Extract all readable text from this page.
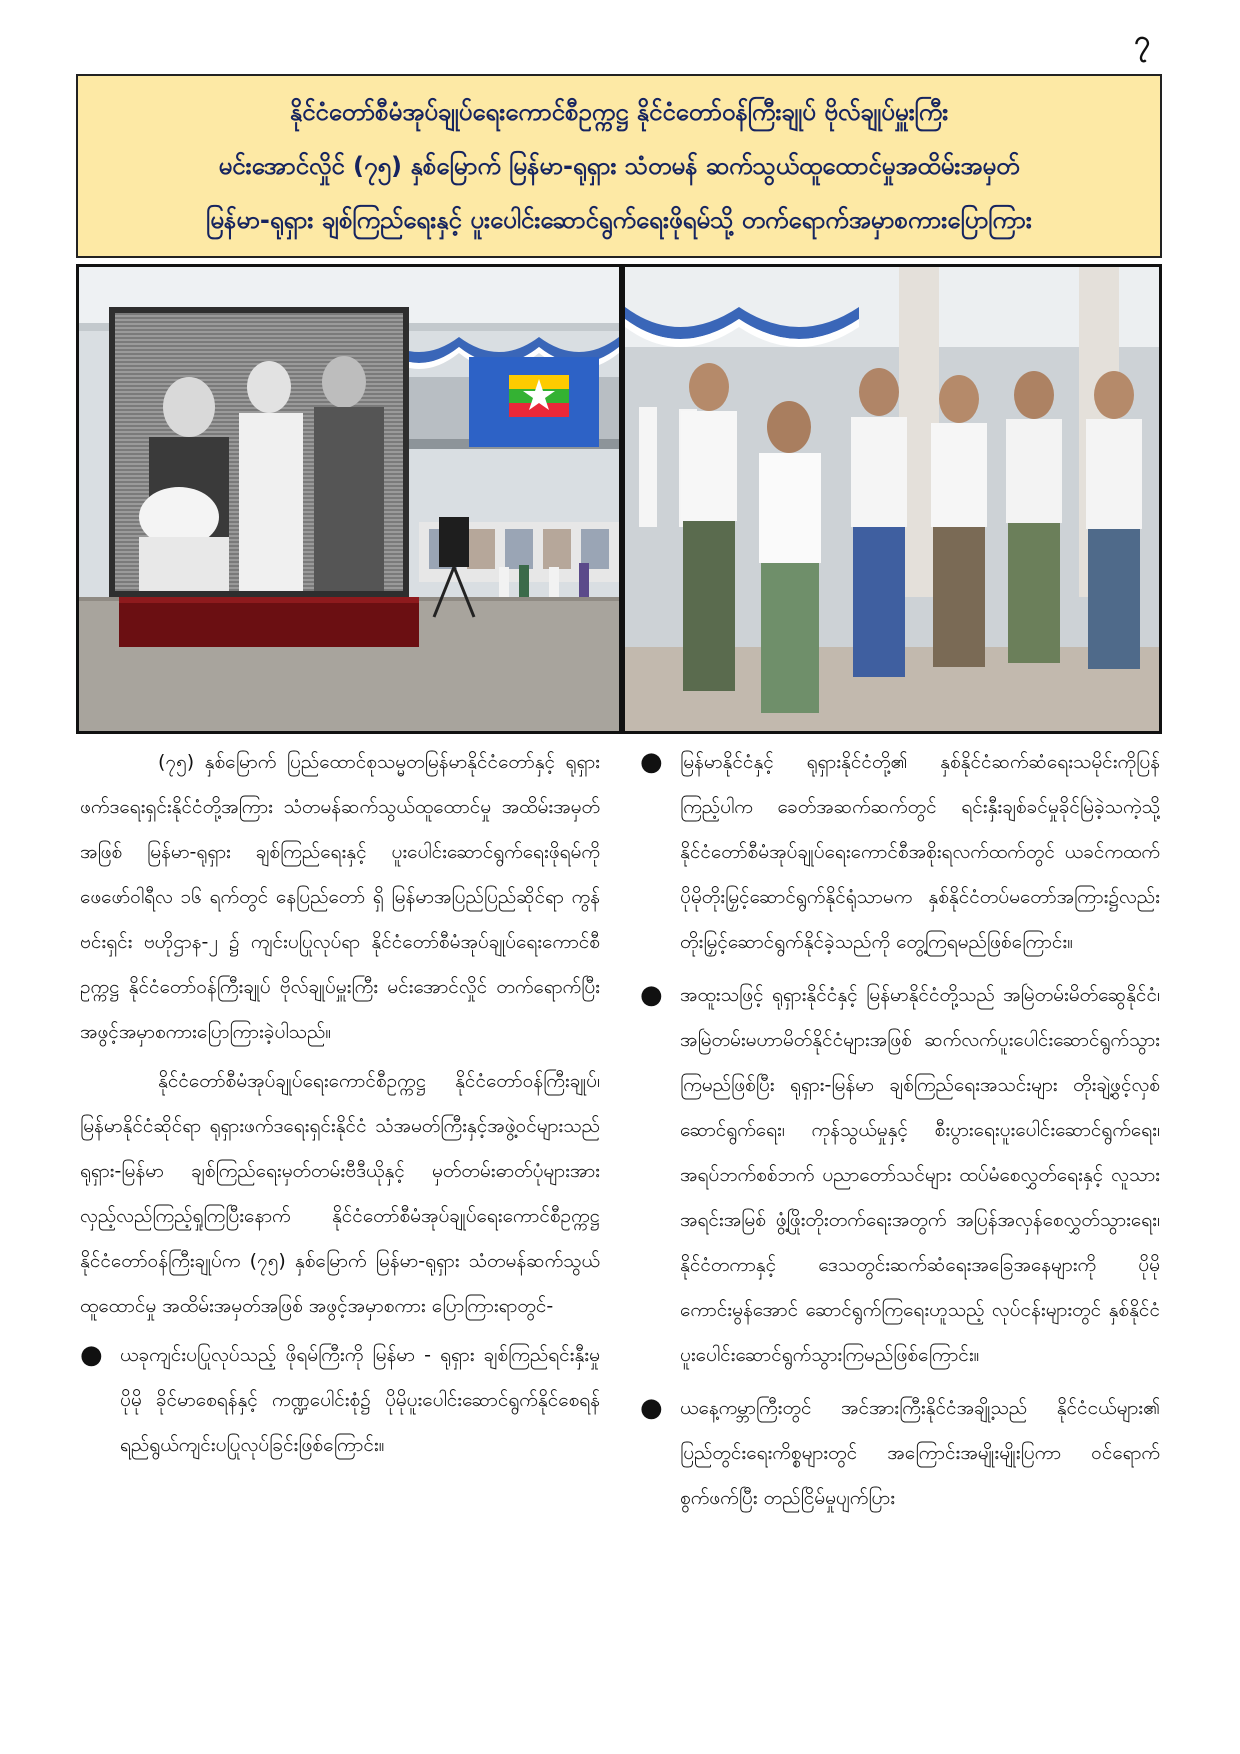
၇
နိုင်ငံတော်စီမံအုပ်ချုပ်ရေးကောင်စီဥက္ကဋ္ဌ နိုင်ငံတော်ဝန်ကြီးချုပ် ဗိုလ်ချုပ်မှူးကြီး
မင်းအောင်လှိုင် (၇၅) နှစ်မြောက် မြန်မာ-ရုရှား သံတမန် ဆက်သွယ်ထူထောင်မှုအထိမ်းအမှတ်
မြန်မာ-ရုရှား ချစ်ကြည်ရေးနှင့် ပူးပေါင်းဆောင်ရွက်ရေးဖိုရမ်သို့ တက်ရောက်အမှာစကားပြောကြား

(၇၅) နှစ်မြောက် ပြည်ထောင်စုသမ္မတမြန်မာနိုင်ငံတော်နှင့် ရုရှားဖက်ဒရေးရှင်းနိုင်ငံတို့အကြား သံတမန်ဆက်သွယ်ထူထောင်မှု အထိမ်းအမှတ်အဖြစ် မြန်မာ-ရုရှား ချစ်ကြည်ရေးနှင့် ပူးပေါင်းဆောင်ရွက်ရေးဖိုရမ်ကို ဖေဖော်ဝါရီလ ၁၆ ရက်တွင် နေပြည်တော် ရှိ မြန်မာအပြည်ပြည်ဆိုင်ရာ ကွန်ဗင်းရှင်း ဗဟိုဌာန-၂ ၌ ကျင်းပပြုလုပ်ရာ နိုင်ငံတော်စီမံအုပ်ချုပ်ရေးကောင်စီဥက္ကဋ္ဌ နိုင်ငံတော်ဝန်ကြီးချုပ် ဗိုလ်ချုပ်မှူးကြီး မင်းအောင်လှိုင် တက်ရောက်ပြီး အဖွင့်အမှာစကားပြောကြားခဲ့ပါသည်။

နိုင်ငံတော်စီမံအုပ်ချုပ်ရေးကောင်စီဥက္ကဋ္ဌ နိုင်ငံတော်ဝန်ကြီးချုပ်၊ မြန်မာနိုင်ငံဆိုင်ရာ ရုရှားဖက်ဒရေးရှင်းနိုင်ငံ သံအမတ်ကြီးနှင့်အဖွဲ့ဝင်များသည် ရုရှား-မြန်မာ ချစ်ကြည်ရေးမှတ်တမ်းဗီဒီယိုနှင့် မှတ်တမ်းဓာတ်ပုံများအား လှည့်လည်ကြည့်ရှုကြပြီးနောက် နိုင်ငံတော်စီမံအုပ်ချုပ်ရေးကောင်စီဥက္ကဋ္ဌ နိုင်ငံတော်ဝန်ကြီးချုပ်က (၇၅) နှစ်မြောက် မြန်မာ-ရုရှား သံတမန်ဆက်သွယ်ထူထောင်မှု အထိမ်းအမှတ်အဖြစ် အဖွင့်အမှာစကား ပြောကြားရာတွင်-

● ယခုကျင်းပပြုလုပ်သည့် ဖိုရမ်ကြီးကို မြန်မာ - ရုရှား ချစ်ကြည်ရင်းနှီးမှု ပိုမို ခိုင်မာစေရန်နှင့် ကဏ္ဍပေါင်းစုံ၌ ပိုမိုပူးပေါင်းဆောင်ရွက်နိုင်စေရန် ရည်ရွယ်ကျင်းပပြုလုပ်ခြင်းဖြစ်ကြောင်း။
● မြန်မာနိုင်ငံနှင့် ရုရှားနိုင်ငံတို့၏ နှစ်နိုင်ငံဆက်ဆံရေးသမိုင်းကိုပြန်ကြည့်ပါက ခေတ်အဆက်ဆက်တွင် ရင်းနှီးချစ်ခင်မှုခိုင်မြဲခဲ့သကဲ့သို့ နိုင်ငံတော်စီမံအုပ်ချုပ်ရေးကောင်စီအစိုးရလက်ထက်တွင် ယခင်ကထက် ပိုမိုတိုးမြှင့်ဆောင်ရွက်နိုင်ရုံသာမက နှစ်နိုင်ငံတပ်မတော်အကြား၌လည်း တိုးမြှင့်ဆောင်ရွက်နိုင်ခဲ့သည်ကို တွေ့ကြရမည်ဖြစ်ကြောင်း။
● အထူးသဖြင့် ရုရှားနိုင်ငံနှင့် မြန်မာနိုင်ငံတို့သည် အမြဲတမ်းမိတ်ဆွေနိုင်ငံ၊ အမြဲတမ်းမဟာမိတ်နိုင်ငံများအဖြစ် ဆက်လက်ပူးပေါင်းဆောင်ရွက်သွားကြမည်ဖြစ်ပြီး ရုရှား-မြန်မာ ချစ်ကြည်ရေးအသင်းများ တိုးချဲ့ဖွင့်လှစ်ဆောင်ရွက်ရေး၊ ကုန်သွယ်မှုနှင့် စီးပွားရေးပူးပေါင်းဆောင်ရွက်ရေး၊ အရပ်ဘက်စစ်ဘက် ပညာတော်သင်များ ထပ်မံစေလွှတ်ရေးနှင့် လူသားအရင်းအမြစ် ဖွံ့ဖြိုးတိုးတက်ရေးအတွက် အပြန်အလှန်စေလွှတ်သွားရေး၊ နိုင်ငံတကာနှင့် ဒေသတွင်းဆက်ဆံရေးအခြေအနေများကို ပိုမိုကောင်းမွန်အောင် ဆောင်ရွက်ကြရေးဟူသည့် လုပ်ငန်းများတွင် နှစ်နိုင်ငံပူးပေါင်းဆောင်ရွက်သွားကြမည်ဖြစ်ကြောင်း။
● ယနေ့ကမ္ဘာကြီးတွင် အင်အားကြီးနိုင်ငံအချို့သည် နိုင်ငံငယ်များ၏ ပြည်တွင်းရေးကိစ္စများတွင် အကြောင်းအမျိုးမျိုးပြကာ ဝင်ရောက်စွက်ဖက်ပြီး တည်ငြိမ်မှုပျက်ပြား
